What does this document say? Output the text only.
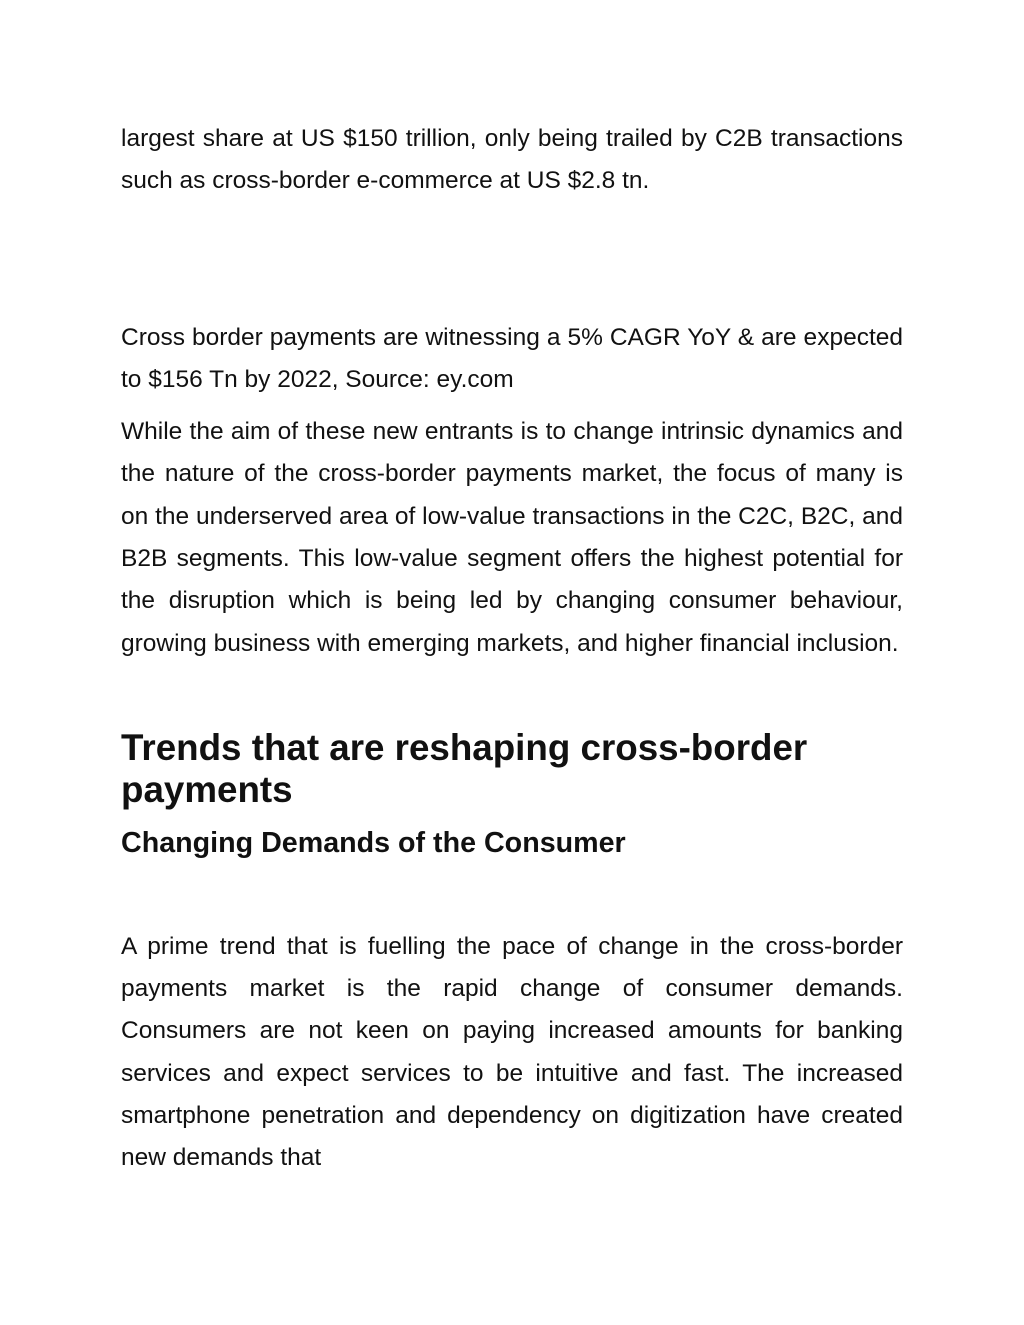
largest share at US $150 trillion, only being trailed by C2B transactions such as cross-border e-commerce at US $2.8 tn.

Cross border payments are witnessing a 5% CAGR YoY & are expected to $156 Tn by 2022, Source: ey.com

While the aim of these new entrants is to change intrinsic dynamics and the nature of the cross-border payments market, the focus of many is on the underserved area of low-value transactions in the C2C, B2C, and B2B segments. This low-value segment offers the highest potential for the disruption which is being led by changing consumer behaviour, growing business with emerging markets, and higher financial inclusion.

Trends that are reshaping cross-border payments
Changing Demands of the Consumer

A prime trend that is fuelling the pace of change in the cross-border payments market is the rapid change of consumer demands. Consumers are not keen on paying increased amounts for banking services and expect services to be intuitive and fast. The increased smartphone penetration and dependency on digitization have created new demands that
